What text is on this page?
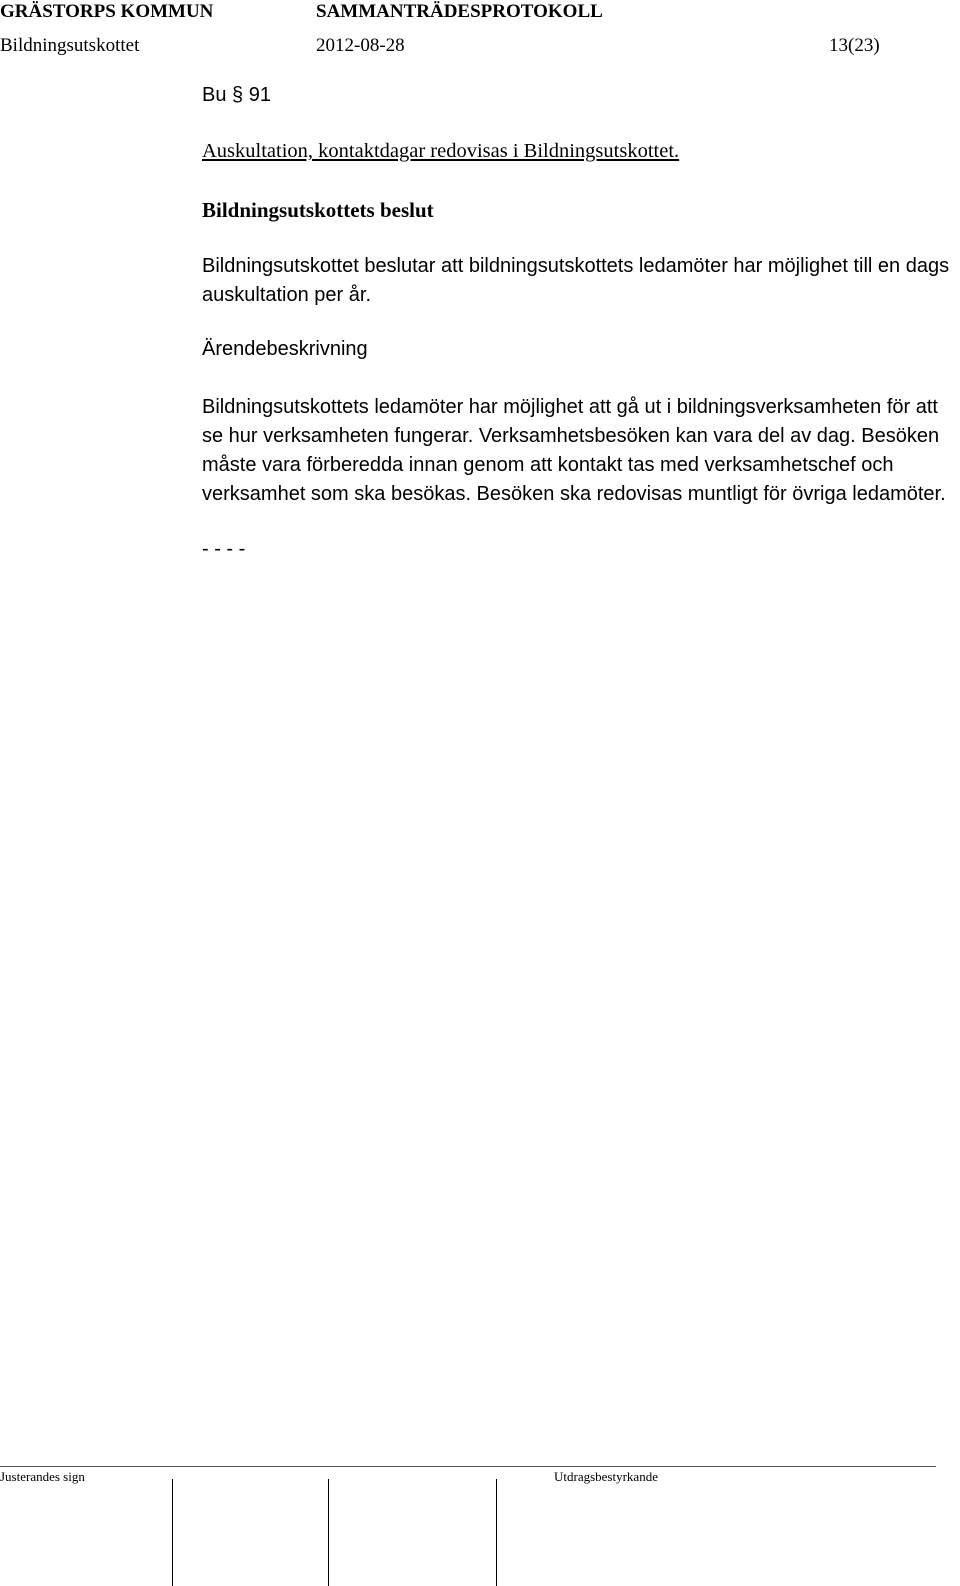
GRÄSTORPS KOMMUN	SAMMANTRÄDESPROTOKOLL
Bildningsutskottet	2012-08-28	13(23)
Bu § 91
Auskultation, kontaktdagar redovisas i Bildningsutskottet.
Bildningsutskottets beslut
Bildningsutskottet beslutar att bildningsutskottets ledamöter har möjlighet till en dags auskultation per år.
Ärendebeskrivning
Bildningsutskottets ledamöter har möjlighet att gå ut i bildningsverksamheten för att se hur verksamheten fungerar. Verksamhetsbesöken kan vara del av dag. Besöken måste vara förberedda innan genom att kontakt tas med verksamhetschef och verksamhet som ska besökas. Besöken ska redovisas muntligt för övriga ledamöter.
- - - -
Justerandes sign	Utdragsbestyrkande
